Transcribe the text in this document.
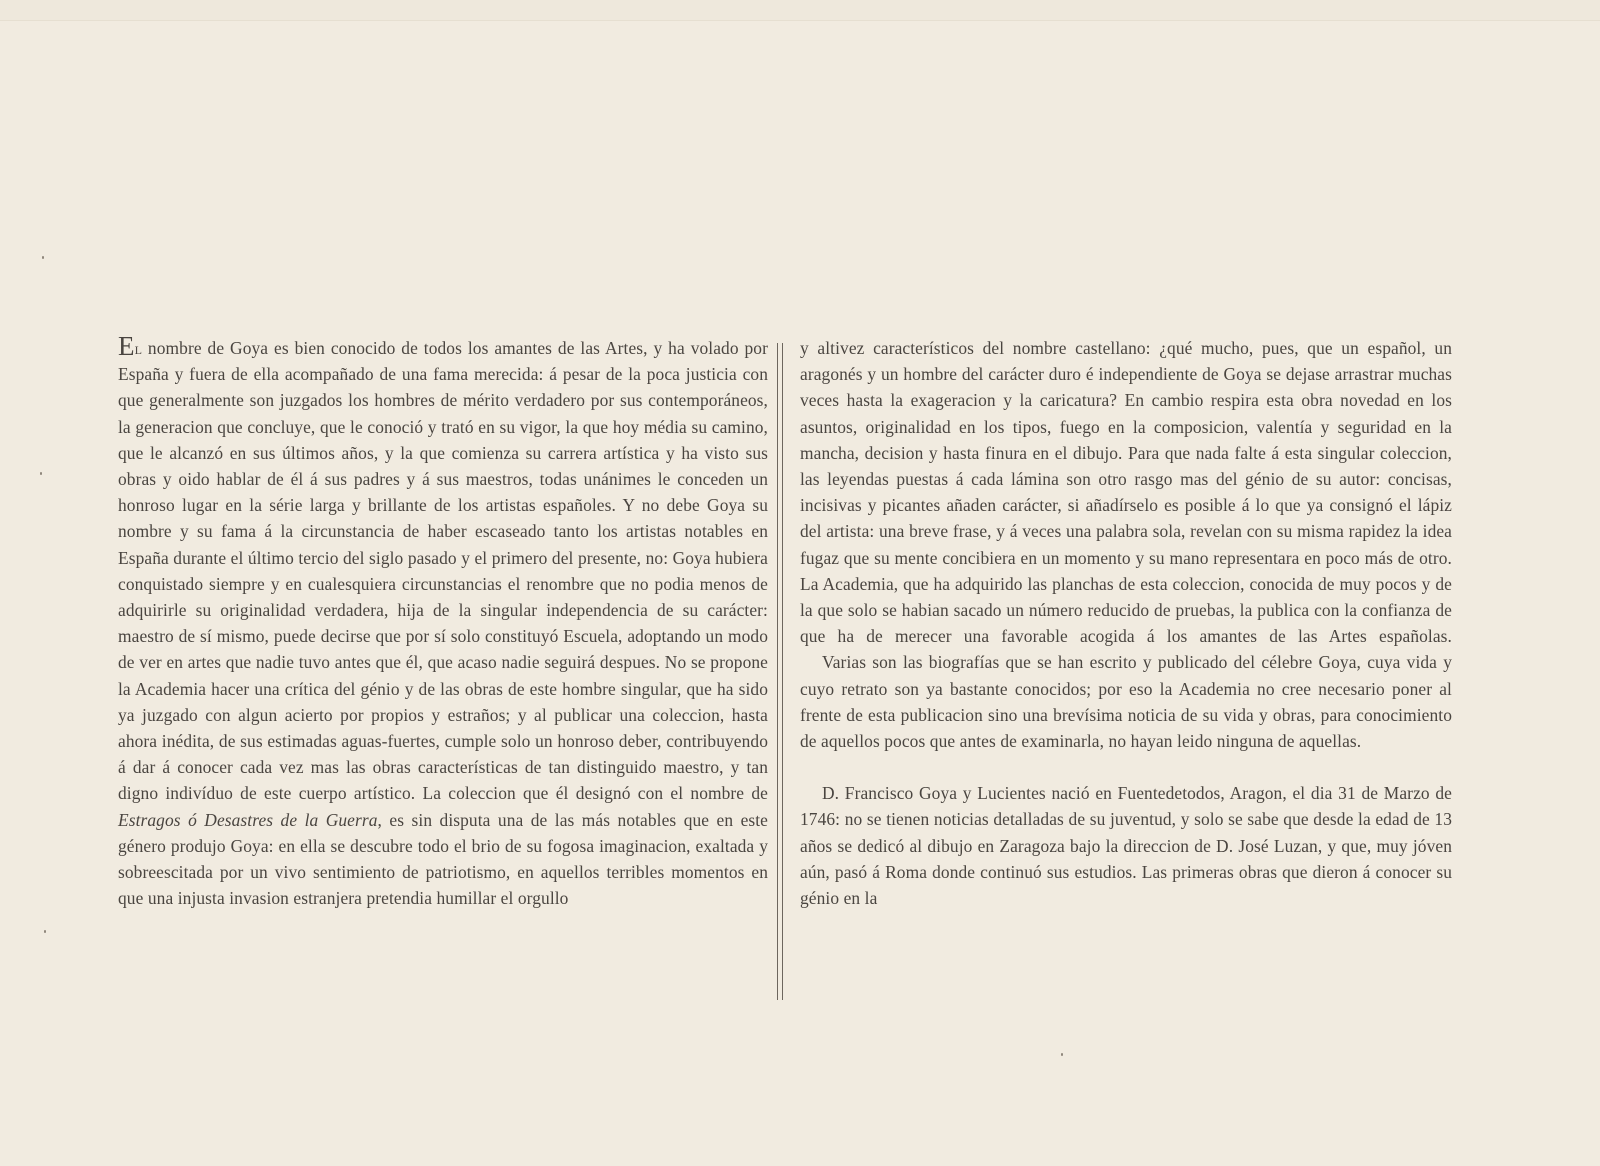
El nombre de Goya es bien conocido de todos los amantes de las Artes, y ha volado por España y fuera de ella acompañado de una fama merecida: á pesar de la poca justicia con que generalmente son juzgados los hombres de mérito verdadero por sus contemporáneos, la generacion que concluye, que le conoció y trató en su vigor, la que hoy média su camino, que le alcanzó en sus últimos años, y la que comienza su carrera artística y ha visto sus obras y oido hablar de él á sus padres y á sus maestros, todas unánimes le conceden un honroso lugar en la série larga y brillante de los artistas españoles. Y no debe Goya su nombre y su fama á la circunstancia de haber escaseado tanto los artistas notables en España durante el último tercio del siglo pasado y el primero del presente, no: Goya hubiera conquistado siempre y en cualesquiera circunstancias el renombre que no podia menos de adquirirle su originalidad verdadera, hija de la singular independencia de su carácter: maestro de sí mismo, puede decirse que por sí solo constituyó Escuela, adoptando un modo de ver en artes que nadie tuvo antes que él, que acaso nadie seguirá despues. No se propone la Academia hacer una crítica del génio y de las obras de este hombre singular, que ha sido ya juzgado con algun acierto por propios y estraños; y al publicar una coleccion, hasta ahora inédita, de sus estimadas aguas-fuertes, cumple solo un honroso deber, contribuyendo á dar á conocer cada vez mas las obras características de tan distinguido maestro, y tan digno indivíduo de este cuerpo artístico. La coleccion que él designó con el nombre de Estragos ó Desastres de la Guerra, es sin disputa una de las más notables que en este género produjo Goya: en ella se descubre todo el brio de su fogosa imaginacion, exaltada y sobreescitada por un vivo sentimiento de patriotismo, en aquellos terribles momentos en que una injusta invasion estranjera pretendia humillar el orgullo

y altivez característicos del nombre castellano: ¿qué mucho, pues, que un español, un aragonés y un hombre del carácter duro é independiente de Goya se dejase arrastrar muchas veces hasta la exageracion y la caricatura? En cambio respira esta obra novedad en los asuntos, originalidad en los tipos, fuego en la composicion, valentía y seguridad en la mancha, decision y hasta finura en el dibujo. Para que nada falte á esta singular coleccion, las leyendas puestas á cada lámina son otro rasgo mas del génio de su autor: concisas, incisivas y picantes añaden carácter, si añadírselo es posible á lo que ya consignó el lápiz del artista: una breve frase, y á veces una palabra sola, revelan con su misma rapidez la idea fugaz que su mente concibiera en un momento y su mano representara en poco más de otro. La Academia, que ha adquirido las planchas de esta coleccion, conocida de muy pocos y de la que solo se habian sacado un número reducido de pruebas, la publica con la confianza de que ha de merecer una favorable acogida á los amantes de las Artes españolas.

Varias son las biografías que se han escrito y publicado del célebre Goya, cuya vida y cuyo retrato son ya bastante conocidos; por eso la Academia no cree necesario poner al frente de esta publicacion sino una brevísima noticia de su vida y obras, para conocimiento de aquellos pocos que antes de examinarla, no hayan leido ninguna de aquellas.

D. Francisco Goya y Lucientes nació en Fuentedetodos, Aragon, el dia 31 de Marzo de 1746: no se tienen noticias detalladas de su juventud, y solo se sabe que desde la edad de 13 años se dedicó al dibujo en Zaragoza bajo la direccion de D. José Luzan, y que, muy jóven aún, pasó á Roma donde continuó sus estudios. Las primeras obras que dieron á conocer su génio en la
